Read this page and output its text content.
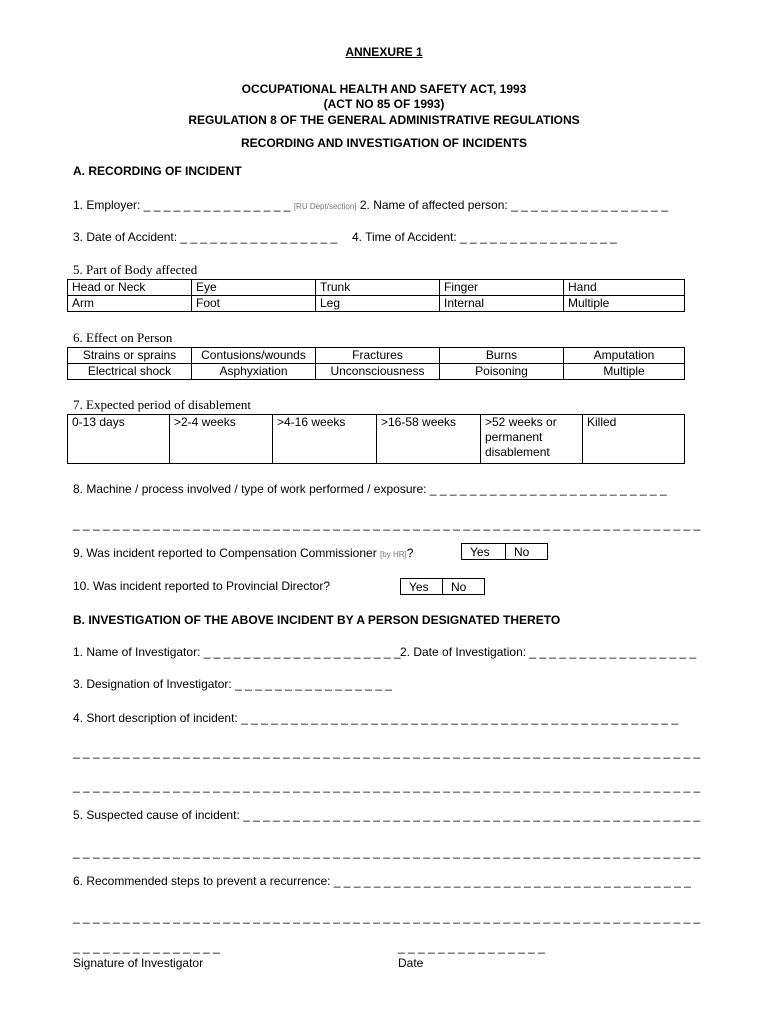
ANNEXURE 1
OCCUPATIONAL HEALTH AND SAFETY ACT, 1993
(ACT NO 85 OF 1993)
REGULATION 8 OF THE GENERAL ADMINISTRATIVE REGULATIONS
RECORDING AND INVESTIGATION OF INCIDENTS
A. RECORDING OF INCIDENT
1. Employer: _ _ _ _ _ _ _ _ _ _ _ _ _ _ _ [RU Dept/section] 2. Name of affected person: _ _ _ _ _ _ _ _ _ _ _ _ _ _ _ _
3. Date of Accident: _ _ _ _ _ _ _ _ _ _ _ _ _ _ _ _ 4. Time of Accident: _ _ _ _ _ _ _ _ _ _ _ _ _ _ _ _
5. Part of Body affected
Head or Neck	Eye	Trunk	Finger	Hand
Arm	Foot	Leg	Internal	Multiple
6. Effect on Person
Strains or sprains	Contusions/wounds	Fractures	Burns	Amputation
Electrical shock	Asphyxiation	Unconsciousness	Poisoning	Multiple
7. Expected period of disablement
0-13 days	>2-4 weeks	>4-16 weeks	>16-58 weeks	>52 weeks or permanent disablement	Killed
8. Machine / process involved / type of work performed / exposure: _ _ _ _ _ _ _ _ _ _ _ _ _ _ _ _ _ _ _ _ _ _ _ _
_ _ _ _ _ _ _ _ _ _ _ _ _ _ _ _ _ _ _ _ _ _ _ _ _ _ _ _ _ _ _ _ _ _ _ _ _ _ _ _ _ _ _ _ _ _ _ _ _ _ _ _ _ _ _ _ _ _ _ _ _ _ _
9. Was incident reported to Compensation Commissioner [by HR]?	Yes	No
10. Was incident reported to Provincial Director?	Yes	No
B. INVESTIGATION OF THE ABOVE INCIDENT BY A PERSON DESIGNATED THERETO
1. Name of Investigator: _ _ _ _ _ _ _ _ _ _ _ _ _ _ _ _ _ _ _ _ 2. Date of Investigation: _ _ _ _ _ _ _ _ _ _ _ _ _ _ _ _ _
3. Designation of Investigator: _ _ _ _ _ _ _ _ _ _ _ _ _ _ _ _
4. Short description of incident: _ _ _ _ _ _ _ _ _ _ _ _ _ _ _ _ _ _ _ _ _ _ _ _ _ _ _ _ _ _ _ _ _ _ _ _ _ _ _ _ _ _ _ _
_ _ _ _ _ _ _ _ _ _ _ _ _ _ _ _ _ _ _ _ _ _ _ _ _ _ _ _ _ _ _ _ _ _ _ _ _ _ _ _ _ _ _ _ _ _ _ _ _ _ _ _ _ _ _ _ _ _ _ _ _ _ _
_ _ _ _ _ _ _ _ _ _ _ _ _ _ _ _ _ _ _ _ _ _ _ _ _ _ _ _ _ _ _ _ _ _ _ _ _ _ _ _ _ _ _ _ _ _ _ _ _ _ _ _ _ _ _ _ _ _ _ _ _ _ _
5. Suspected cause of incident: _ _ _ _ _ _ _ _ _ _ _ _ _ _ _ _ _ _ _ _ _ _ _ _ _ _ _ _ _ _ _ _ _ _ _ _ _ _ _ _ _ _ _ _ _ _
_ _ _ _ _ _ _ _ _ _ _ _ _ _ _ _ _ _ _ _ _ _ _ _ _ _ _ _ _ _ _ _ _ _ _ _ _ _ _ _ _ _ _ _ _ _ _ _ _ _ _ _ _ _ _ _ _ _ _ _ _ _ _
6. Recommended steps to prevent a recurrence: _ _ _ _ _ _ _ _ _ _ _ _ _ _ _ _ _ _ _ _ _ _ _ _ _ _ _ _ _ _ _ _ _ _ _ _
_ _ _ _ _ _ _ _ _ _ _ _ _ _ _ _ _ _ _ _ _ _ _ _ _ _ _ _ _ _ _ _ _ _ _ _ _ _ _ _ _ _ _ _ _ _ _ _ _ _ _ _ _ _ _ _ _ _ _ _ _ _ _
_ _ _ _ _ _ _ _ _ _ _ _ _ _ _	_ _ _ _ _ _ _ _ _ _ _ _ _ _ _
Signature of Investigator	Date
